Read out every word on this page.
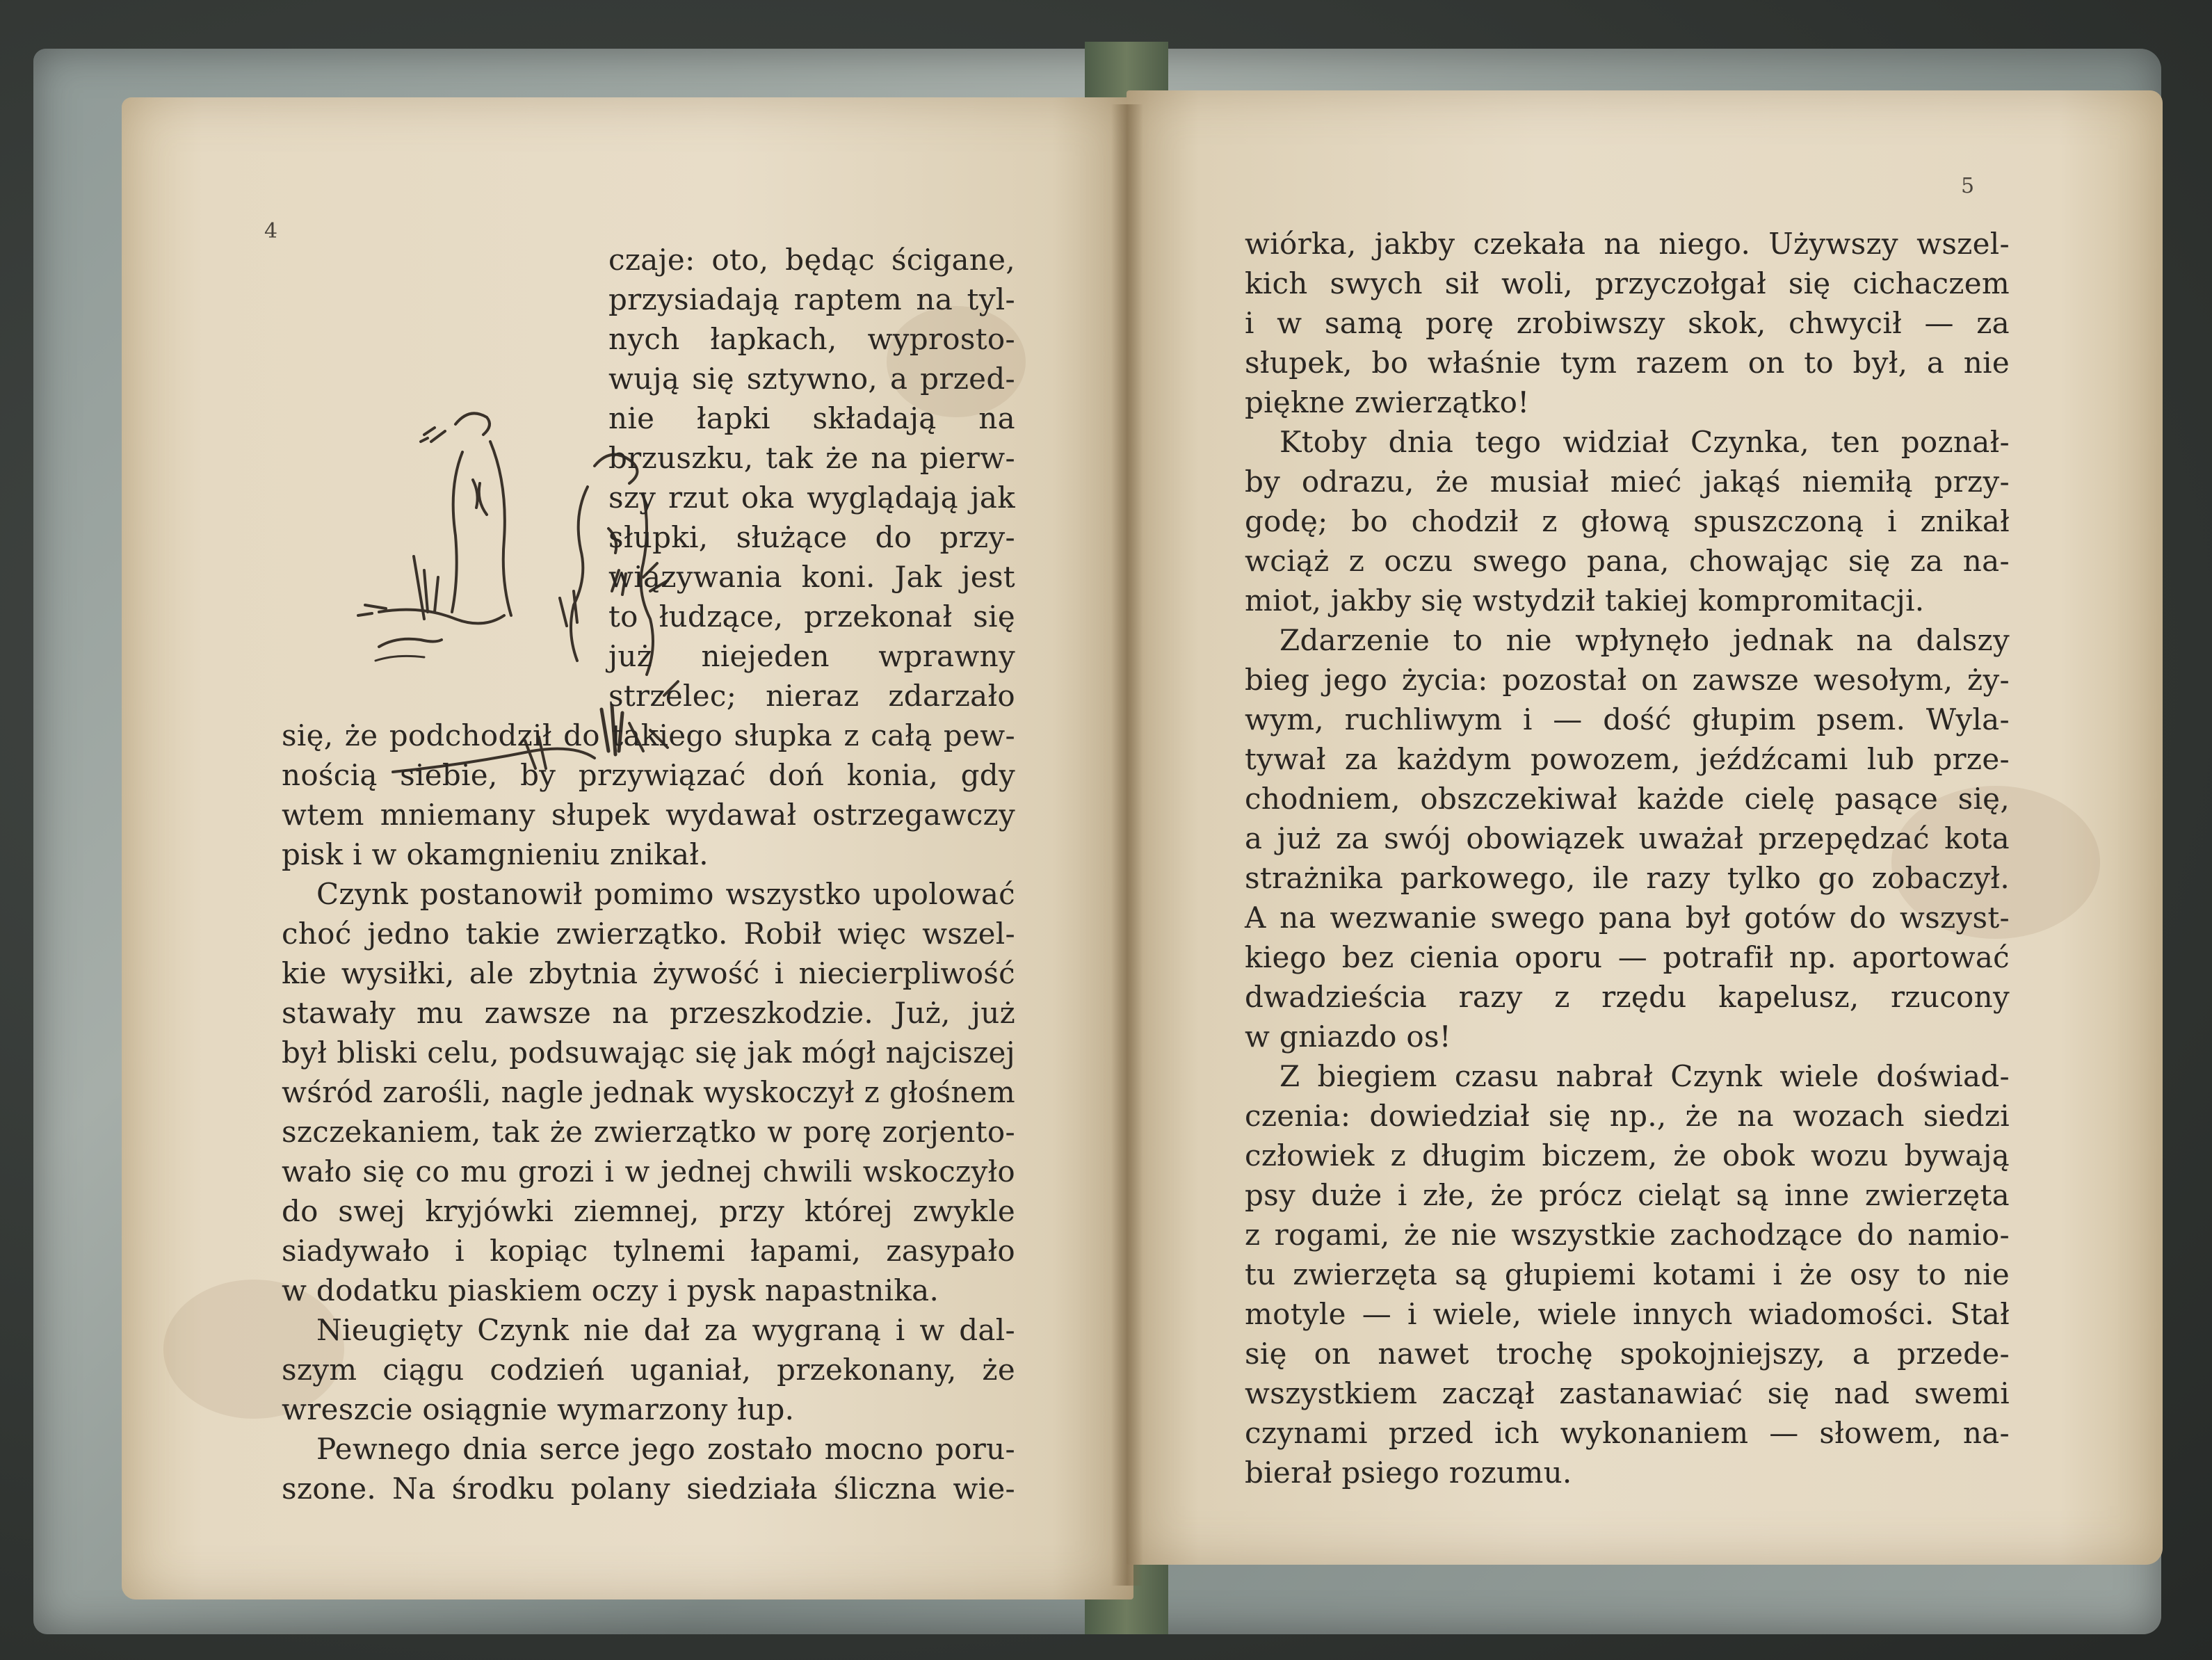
4
czaje: oto, będąc ścigane,
przysiadają raptem na tyl-
nych łapkach, wyprosto-
wują się sztywno, a przed-
nie łapki składają na
brzuszku, tak że na pierw-
szy rzut oka wyglądają jak
słupki, służące do przy-
wiązywania koni. Jak jest
to łudzące, przekonał się
już niejeden wprawny
strzelec; nieraz zdarzało
się, że podchodził do takiego słupka z całą pew-
nością siebie, by przywiązać doń konia, gdy
wtem mniemany słupek wydawał ostrzegawczy
pisk i w okamgnieniu znikał.
Czynk postanowił pomimo wszystko upolować
choć jedno takie zwierzątko. Robił więc wszel-
kie wysiłki, ale zbytnia żywość i niecierpliwość
stawały mu zawsze na przeszkodzie. Już, już
był bliski celu, podsuwając się jak mógł najciszej
wśród zarośli, nagle jednak wyskoczył z głośnem
szczekaniem, tak że zwierzątko w porę zorjento-
wało się co mu grozi i w jednej chwili wskoczyło
do swej kryjówki ziemnej, przy której zwykle
siadywało i kopiąc tylnemi łapami, zasypało
w dodatku piaskiem oczy i pysk napastnika.
Nieugięty Czynk nie dał za wygraną i w dal-
szym ciągu codzień uganiał, przekonany, że
wreszcie osiągnie wymarzony łup.
Pewnego dnia serce jego zostało mocno poru-
szone. Na środku polany siedziała śliczna wie-
5
wiórka, jakby czekała na niego. Używszy wszel-
kich swych sił woli, przyczołgał się cichaczem
i w samą porę zrobiwszy skok, chwycił — za
słupek, bo właśnie tym razem on to był, a nie
piękne zwierzątko!
Ktoby dnia tego widział Czynka, ten poznał-
by odrazu, że musiał mieć jakąś niemiłą przy-
godę; bo chodził z głową spuszczoną i znikał
wciąż z oczu swego pana, chowając się za na-
miot, jakby się wstydził takiej kompromitacji.
Zdarzenie to nie wpłynęło jednak na dalszy
bieg jego życia: pozostał on zawsze wesołym, ży-
wym, ruchliwym i — dość głupim psem. Wyla-
tywał za każdym powozem, jeźdźcami lub prze-
chodniem, obszczekiwał każde cielę pasące się,
a już za swój obowiązek uważał przepędzać kota
strażnika parkowego, ile razy tylko go zobaczył.
A na wezwanie swego pana był gotów do wszyst-
kiego bez cienia oporu — potrafił np. aportować
dwadzieścia razy z rzędu kapelusz, rzucony
w gniazdo os!
Z biegiem czasu nabrał Czynk wiele doświad-
czenia: dowiedział się np., że na wozach siedzi
człowiek z długim biczem, że obok wozu bywają
psy duże i złe, że prócz cieląt są inne zwierzęta
z rogami, że nie wszystkie zachodzące do namio-
tu zwierzęta są głupiemi kotami i że osy to nie
motyle — i wiele, wiele innych wiadomości. Stał
się on nawet trochę spokojniejszy, a przede-
wszystkiem zaczął zastanawiać się nad swemi
czynami przed ich wykonaniem — słowem, na-
bierał psiego rozumu.
